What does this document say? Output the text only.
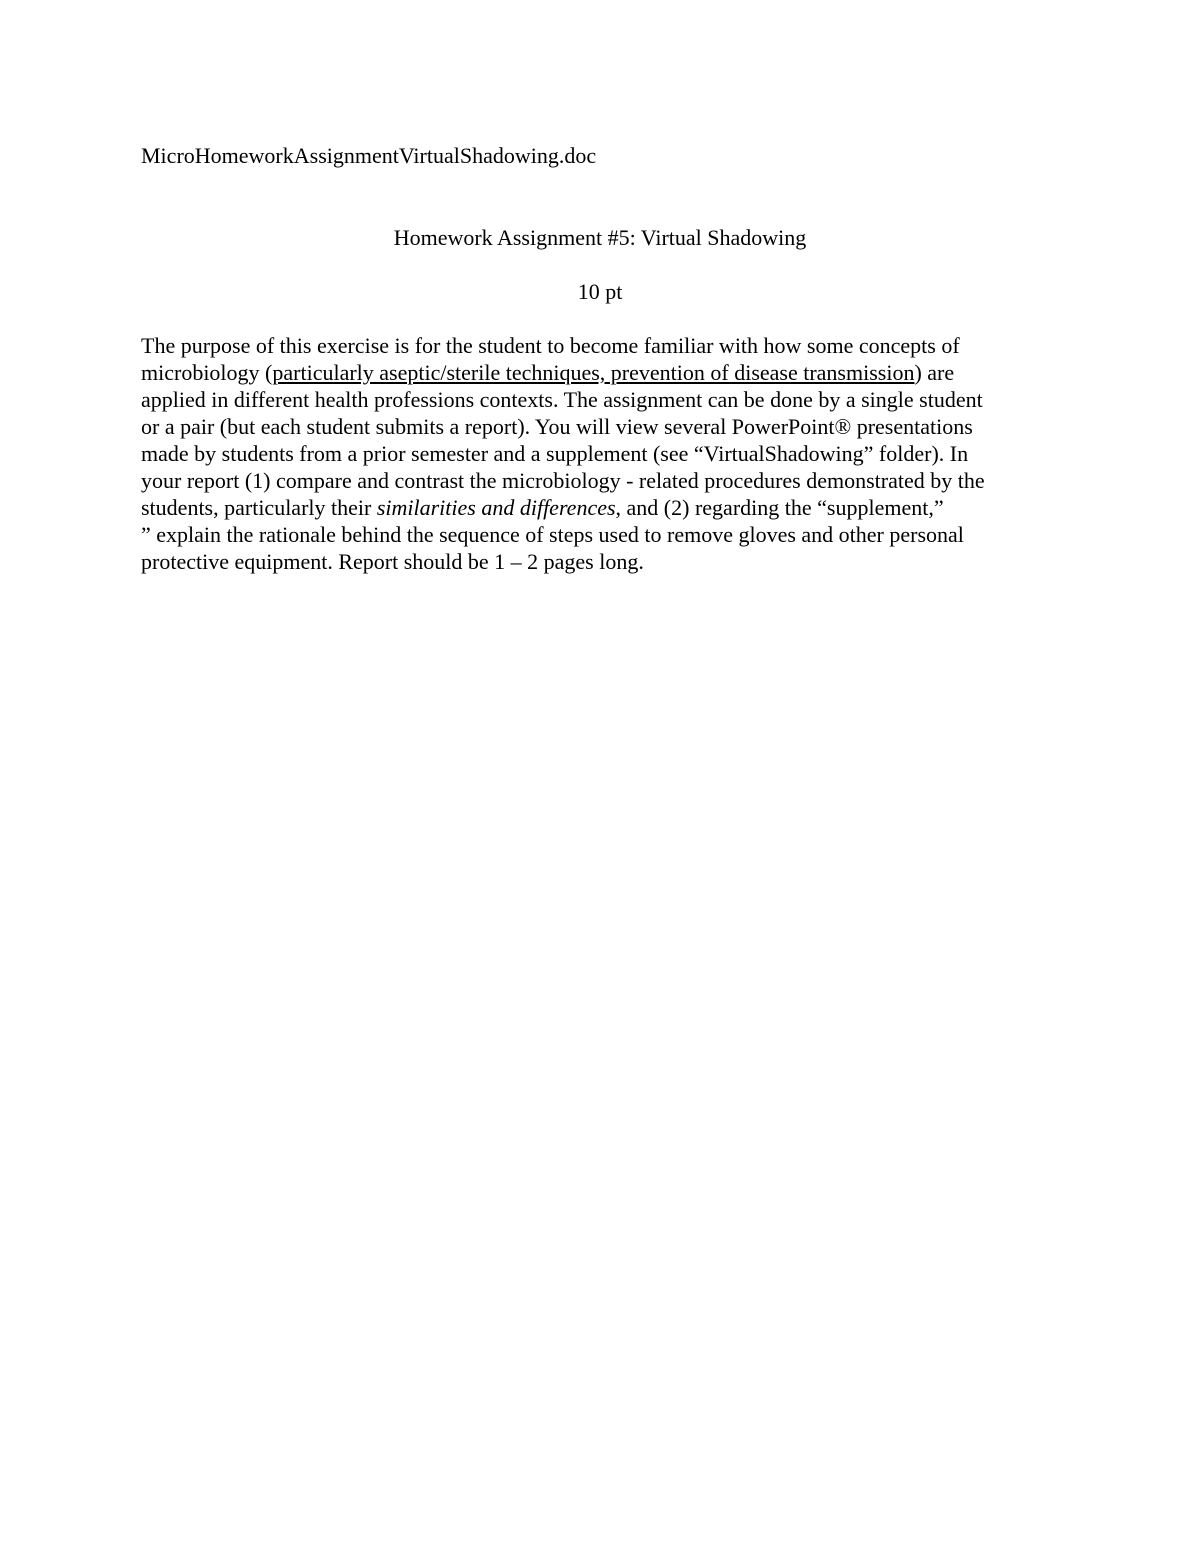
MicroHomeworkAssignmentVirtualShadowing.doc
Homework Assignment #5: Virtual Shadowing
10 pt
The purpose of this exercise is for the student to become familiar with how some concepts of
microbiology (particularly aseptic/sterile techniques, prevention of disease transmission) are
applied in different health professions contexts. The assignment can be done by a single student
or a pair (but each student submits a report). You will view several PowerPoint® presentations
made by students from a prior semester and a supplement (see “VirtualShadowing” folder). In
your report (1) compare and contrast the microbiology - related procedures demonstrated by the
students, particularly their similarities and differences, and (2) regarding the “supplement,”
” explain the rationale behind the sequence of steps used to remove gloves and other personal
protective equipment. Report should be 1 – 2 pages long.
